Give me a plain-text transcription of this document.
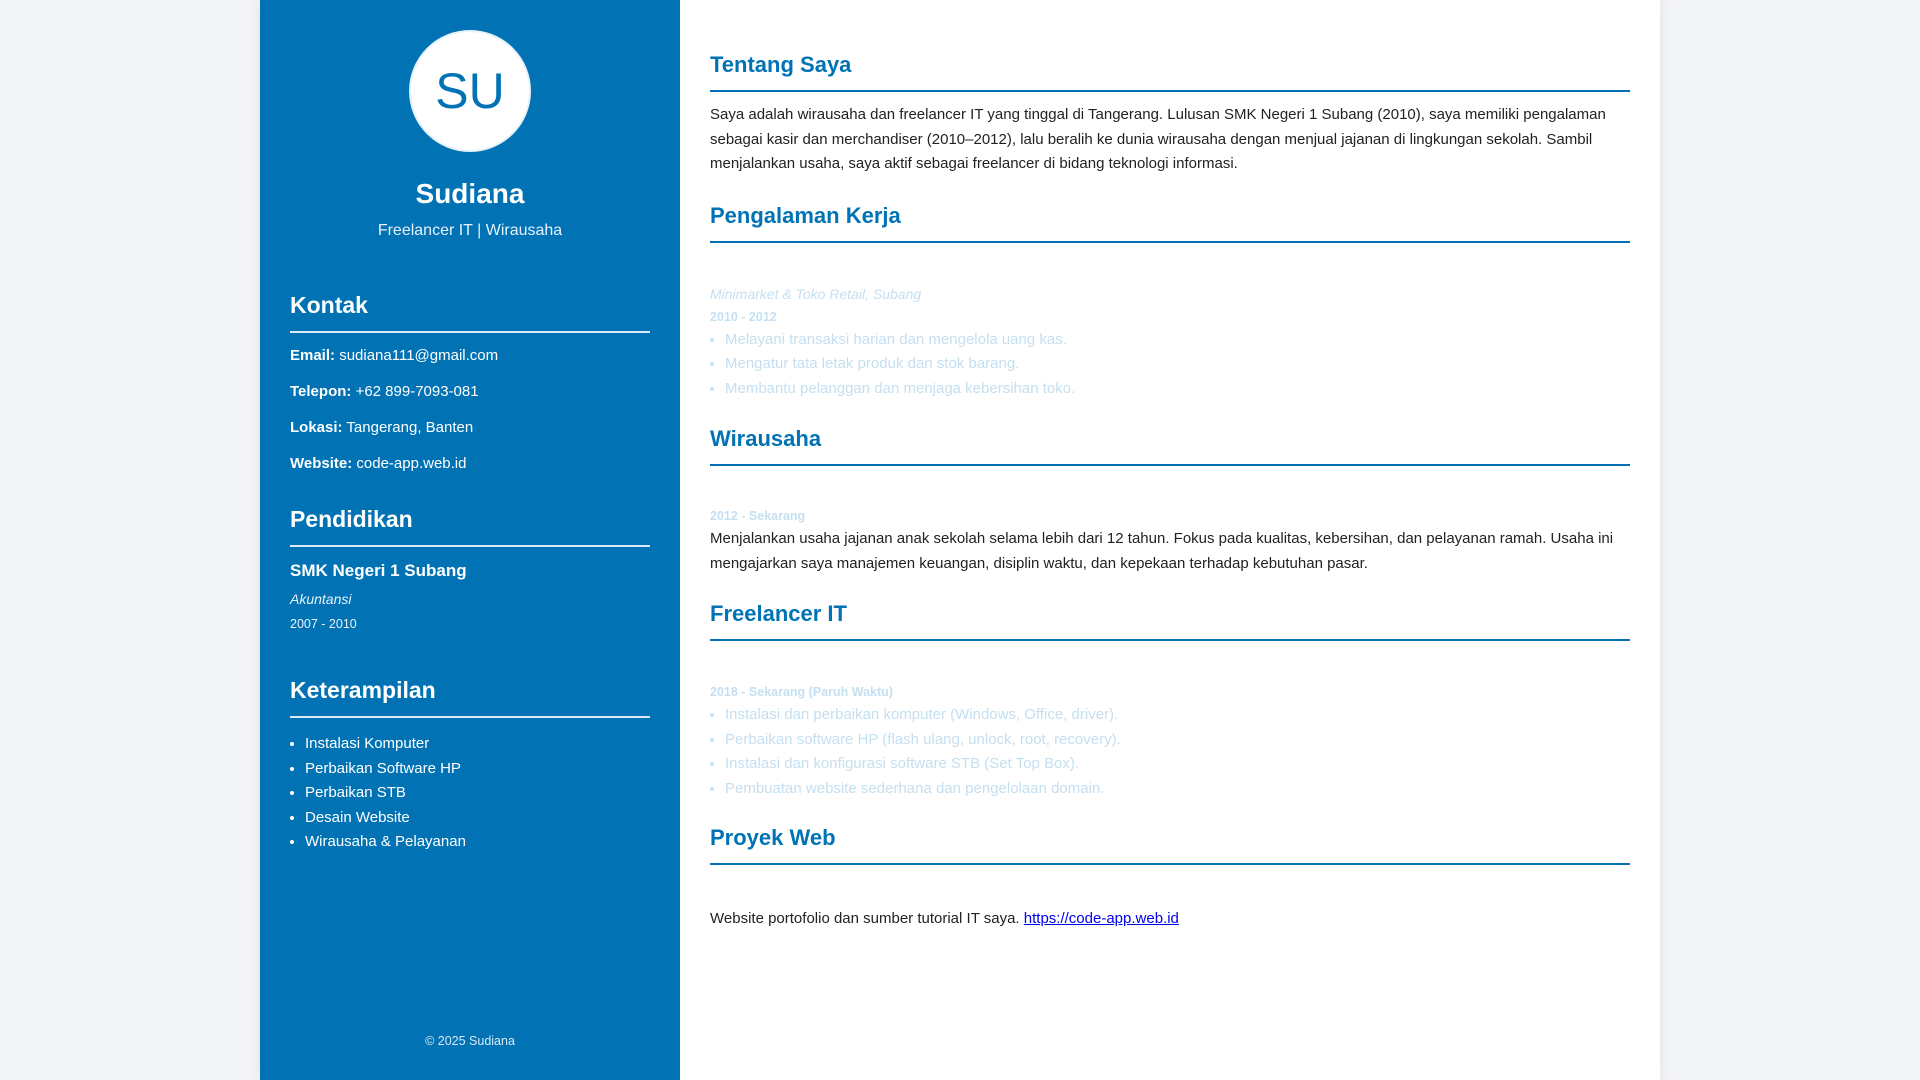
SU
Sudiana
Freelancer IT | Wirausaha
Kontak
Email: sudiana111@gmail.com
Telepon: +62 899-7093-081
Lokasi: Tangerang, Banten
Website: code-app.web.id
Pendidikan
SMK Negeri 1 Subang
Akuntansi
2007 - 2010
Keterampilan
• Instalasi Komputer
• Perbaikan Software HP
• Perbaikan STB
• Desain Website
• Wirausaha & Pelayanan
© 2025 Sudiana
Tentang Saya

Saya adalah wirausaha dan freelancer IT yang tinggal di Tangerang. Lulusan SMK Negeri 1 Subang (2010), saya memiliki pengalaman sebagai kasir dan merchandiser (2010–2012), lalu beralih ke dunia wirausaha dengan menjual jajanan di lingkungan sekolah. Sambil menjalankan usaha, saya aktif sebagai freelancer di bidang teknologi informasi.

Pengalaman Kerja
Minimarket & Toko Retail, Subang
2010 - 2012
• Melayani transaksi harian dan mengelola uang kas.
• Mengatur tata letak produk dan stok barang.
• Membantu pelanggan dan menjaga kebersihan toko.
Wirausaha
2012 - Sekarang

Menjalankan usaha jajanan anak sekolah selama lebih dari 12 tahun. Fokus pada kualitas, kebersihan, dan pelayanan ramah. Usaha ini mengajarkan saya manajemen keuangan, disiplin waktu, dan kepekaan terhadap kebutuhan pasar.

Freelancer IT
2018 - Sekarang (Paruh Waktu)
• Instalasi dan perbaikan komputer (Windows, Office, driver).
• Perbaikan software HP (flash ulang, unlock, root, recovery).
• Instalasi dan konfigurasi software STB (Set Top Box).
• Pembuatan website sederhana dan pengelolaan domain.
Proyek Web

Website portofolio dan sumber tutorial IT saya. https://code-app.web.id
